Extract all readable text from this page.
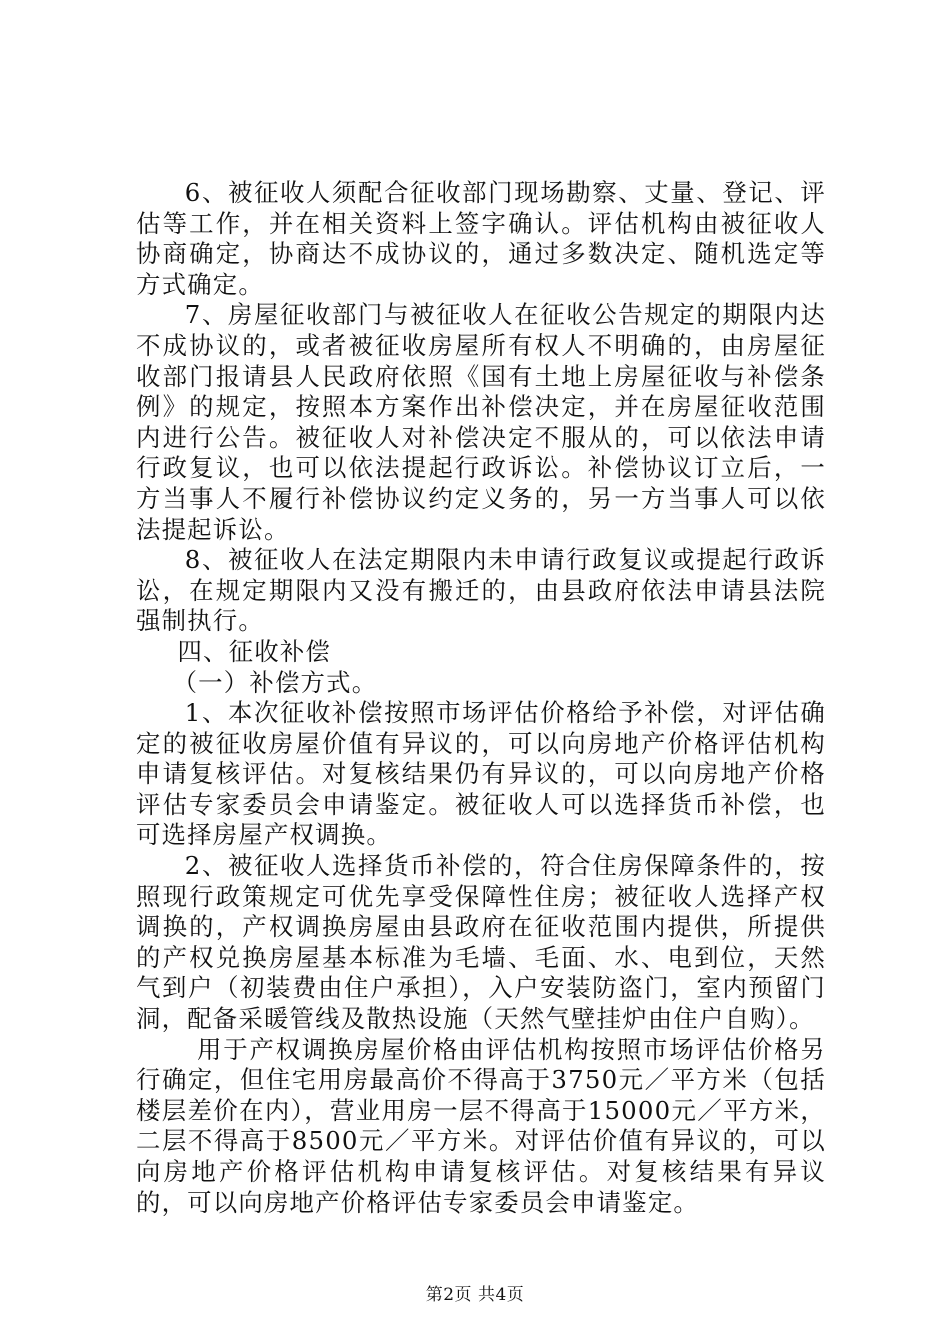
6、被征收人须配合征收部门现场勘察、丈量、登记、评估等工作，并在相关资料上签字确认。评估机构由被征收人协商确定，协商达不成协议的，通过多数决定、随机选定等方式确定。

7、房屋征收部门与被征收人在征收公告规定的期限内达不成协议的，或者被征收房屋所有权人不明确的，由房屋征收部门报请县人民政府依照《国有土地上房屋征收与补偿条例》的规定，按照本方案作出补偿决定，并在房屋征收范围内进行公告。被征收人对补偿决定不服从的，可以依法申请行政复议，也可以依法提起行政诉讼。补偿协议订立后，一方当事人不履行补偿协议约定义务的，另一方当事人可以依法提起诉讼。

8、被征收人在法定期限内未申请行政复议或提起行政诉讼，在规定期限内又没有搬迁的，由县政府依法申请县法院强制执行。

四、征收补偿

（一）补偿方式。

1、本次征收补偿按照市场评估价格给予补偿，对评估确定的被征收房屋价值有异议的，可以向房地产价格评估机构申请复核评估。对复核结果仍有异议的，可以向房地产价格评估专家委员会申请鉴定。被征收人可以选择货币补偿，也可选择房屋产权调换。

2、被征收人选择货币补偿的，符合住房保障条件的，按照现行政策规定可优先享受保障性住房；被征收人选择产权调换的，产权调换房屋由县政府在征收范围内提供，所提供的产权兑换房屋基本标准为毛墙、毛面、水、电到位，天然气到户（初装费由住户承担），入户安装防盗门，室内预留门洞，配备采暖管线及散热设施（天然气壁挂炉由住户自购）。

用于产权调换房屋价格由评估机构按照市场评估价格另行确定，但住宅用房最高价不得高于3750元／平方米（包括楼层差价在内），营业用房一层不得高于15000元／平方米，二层不得高于8500元／平方米。对评估价值有异议的，可以向房地产价格评估机构申请复核评估。对复核结果有异议的，可以向房地产价格评估专家委员会申请鉴定。

第2页 共4页
